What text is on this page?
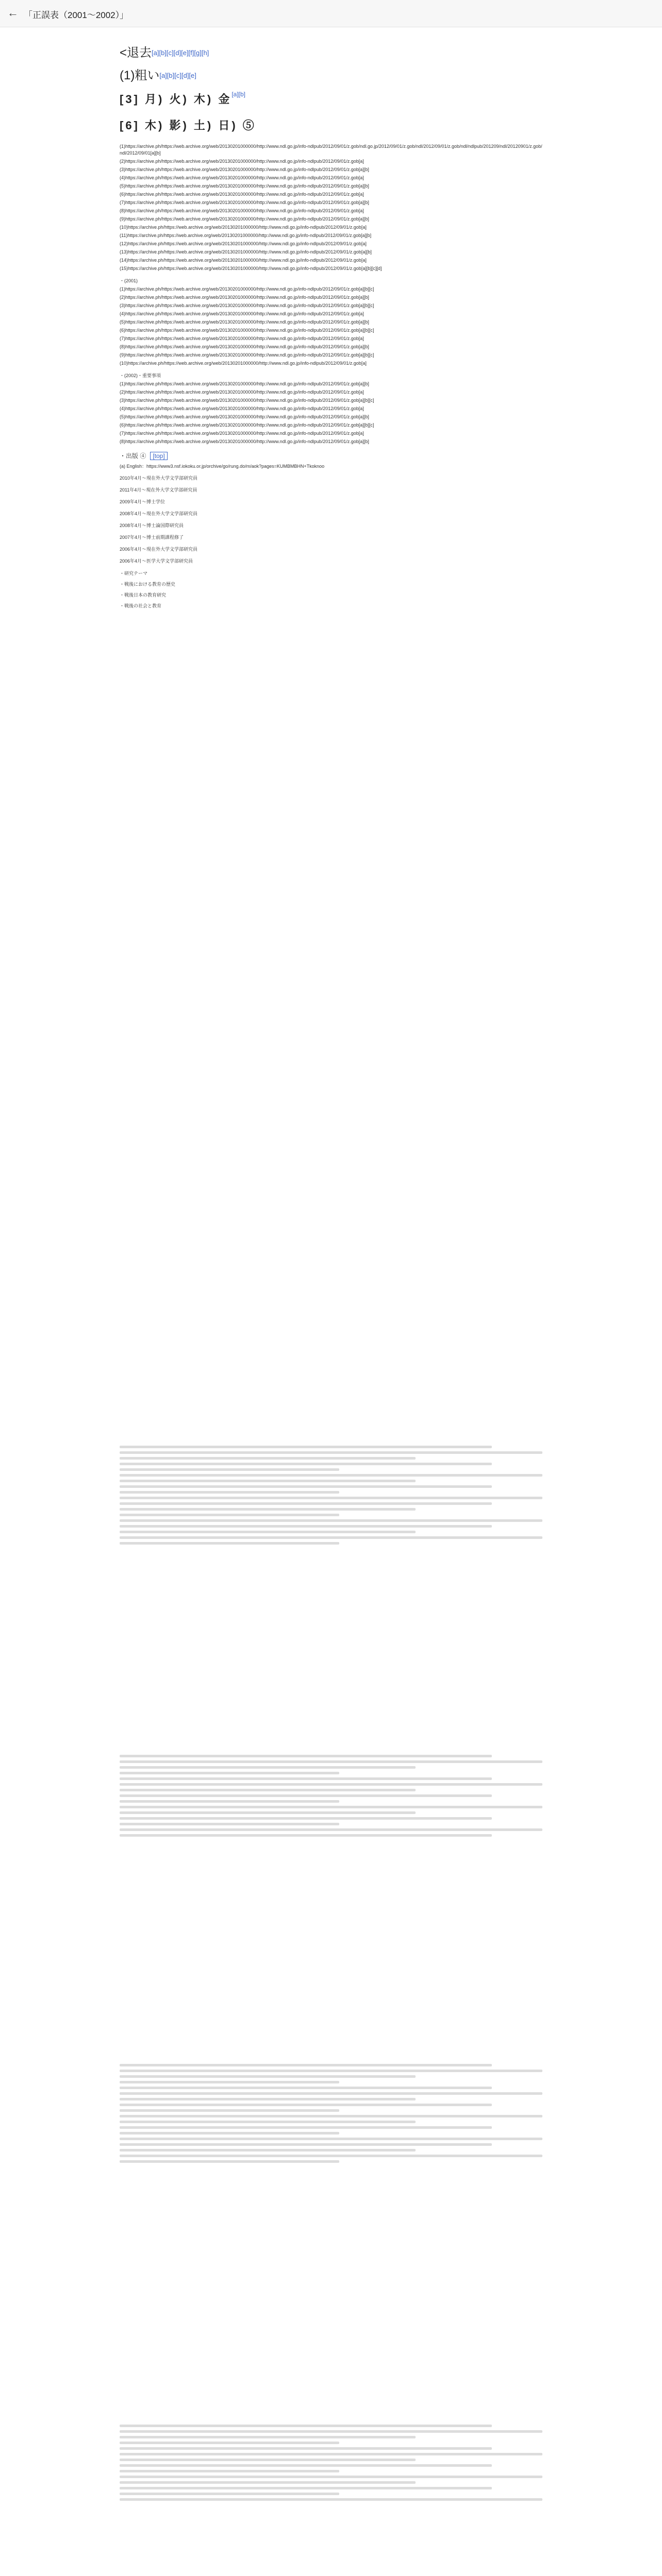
← 「正誤表（2001〜2002）」
<退去[a][b][c][d][e][f][g][h]
(1)粗い[a][b][c][d][e]
[3] 月) 火) 木) 金[a][b]
[6] 木) 影) 土) 日) ⑤
(1)https://archive.ph/https://web.archive.org/web/20130201000000/http://www.ndl.go.jp/info-ndlpub/2012/09/01/z.gob/ndl.go.jp/2012/09/01/z.gob/ndl/2012/09/01/z.gob/ndl/ndlpub/201209/ndl/20120901/z.gob/ndl/2012/09/01[a][b]
(2)https://archive.ph/https://web.archive.org/web/20130201000000/http://www.ndl.go.jp/info-ndlpub/2012/09/01/z.gob[a]
(3)https://archive.ph/https://web.archive.org/web/20130201000000/http://www.ndl.go.jp/info-ndlpub/2012/09/01/z.gob[a][b]
(4)https://archive.ph/https://web.archive.org/web/20130201000000/http://www.ndl.go.jp/info-ndlpub/2012/09/01/z.gob[a]
(5)https://archive.ph/https://web.archive.org/web/20130201000000/http://www.ndl.go.jp/info-ndlpub/2012/09/01/z.gob[a][b]
(6)https://archive.ph/https://web.archive.org/web/20130201000000/http://www.ndl.go.jp/info-ndlpub/2012/09/01/z.gob[a]
(7)https://archive.ph/https://web.archive.org/web/20130201000000/http://www.ndl.go.jp/info-ndlpub/2012/09/01/z.gob[a][b]
(8)https://archive.ph/https://web.archive.org/web/20130201000000/http://www.ndl.go.jp/info-ndlpub/2012/09/01/z.gob[a]
(9)https://archive.ph/https://web.archive.org/web/20130201000000/http://www.ndl.go.jp/info-ndlpub/2012/09/01/z.gob[a][b]
(10)https://archive.ph/https://web.archive.org/web/20130201000000/http://www.ndl.go.jp/info-ndlpub/2012/09/01/z.gob[a]
(11)https://archive.ph/https://web.archive.org/web/20130201000000/http://www.ndl.go.jp/info-ndlpub/2012/09/01/z.gob[a][b]
(12)https://archive.ph/https://web.archive.org/web/20130201000000/http://www.ndl.go.jp/info-ndlpub/2012/09/01/z.gob[a]
(13)https://archive.ph/https://web.archive.org/web/20130201000000/http://www.ndl.go.jp/info-ndlpub/2012/09/01/z.gob[a][b]
(14)https://archive.ph/https://web.archive.org/web/20130201000000/http://www.ndl.go.jp/info-ndlpub/2012/09/01/z.gob[a]
(15)https://archive.ph/https://web.archive.org/web/20130201000000/http://www.ndl.go.jp/info-ndlpub/2012/09/01/z.gob[a][b][c][d]
・(2001)
(1)https://archive.ph/https://web.archive.org/web/20130201000000/http://www.ndl.go.jp/info-ndlpub/2012/09/01/z.gob[a][b][c]
(2)https://archive.ph/https://web.archive.org/web/20130201000000/http://www.ndl.go.jp/info-ndlpub/2012/09/01/z.gob[a][b]
(3)https://archive.ph/https://web.archive.org/web/20130201000000/http://www.ndl.go.jp/info-ndlpub/2012/09/01/z.gob[a][b][c]
(4)https://archive.ph/https://web.archive.org/web/20130201000000/http://www.ndl.go.jp/info-ndlpub/2012/09/01/z.gob[a]
(5)https://archive.ph/https://web.archive.org/web/20130201000000/http://www.ndl.go.jp/info-ndlpub/2012/09/01/z.gob[a][b]
(6)https://archive.ph/https://web.archive.org/web/20130201000000/http://www.ndl.go.jp/info-ndlpub/2012/09/01/z.gob[a][b][c]
(7)https://archive.ph/https://web.archive.org/web/20130201000000/http://www.ndl.go.jp/info-ndlpub/2012/09/01/z.gob[a]
(8)https://archive.ph/https://web.archive.org/web/20130201000000/http://www.ndl.go.jp/info-ndlpub/2012/09/01/z.gob[a][b]
(9)https://archive.ph/https://web.archive.org/web/20130201000000/http://www.ndl.go.jp/info-ndlpub/2012/09/01/z.gob[a][b][c]
(10)https://archive.ph/https://web.archive.org/web/20130201000000/http://www.ndl.go.jp/info-ndlpub/2012/09/01/z.gob[a]
・(2002)・重要事項
(1)https://archive.ph/https://web.archive.org/web/20130201000000/http://www.ndl.go.jp/info-ndlpub/2012/09/01/z.gob[a][b]
(2)https://archive.ph/https://web.archive.org/web/20130201000000/http://www.ndl.go.jp/info-ndlpub/2012/09/01/z.gob[a]
(3)https://archive.ph/https://web.archive.org/web/20130201000000/http://www.ndl.go.jp/info-ndlpub/2012/09/01/z.gob[a][b][c]
(4)https://archive.ph/https://web.archive.org/web/20130201000000/http://www.ndl.go.jp/info-ndlpub/2012/09/01/z.gob[a]
(5)https://archive.ph/https://web.archive.org/web/20130201000000/http://www.ndl.go.jp/info-ndlpub/2012/09/01/z.gob[a][b]
(6)https://archive.ph/https://web.archive.org/web/20130201000000/http://www.ndl.go.jp/info-ndlpub/2012/09/01/z.gob[a][b][c]
(7)https://archive.ph/https://web.archive.org/web/20130201000000/http://www.ndl.go.jp/info-ndlpub/2012/09/01/z.gob[a]
(8)https://archive.ph/https://web.archive.org/web/20130201000000/http://www.ndl.go.jp/info-ndlpub/2012/09/01/z.gob[a][b]
・出版 ④ [top]
(a) English：https://www3.nsf.iokoku.or.jp/orchive/go/rung.do/m/aok?pages=KUMBMBHN+Tkoknoo
2010年4月〜現在外大学文学部研究員
2011年4月〜現在外大学文学部研究員
2009年4月〜博士学位
2008年4月〜現在外大学文学部研究員
2008年4月〜博士論国際研究員
2007年4月〜博士前期課程修了
2006年4月〜現在外大学文学部研究員
2006年4月〜医学大学文学部研究員
・研究テーマ
・戦後における教育の歴史
・戦後日本の教育研究
・戦後の社会と教育
